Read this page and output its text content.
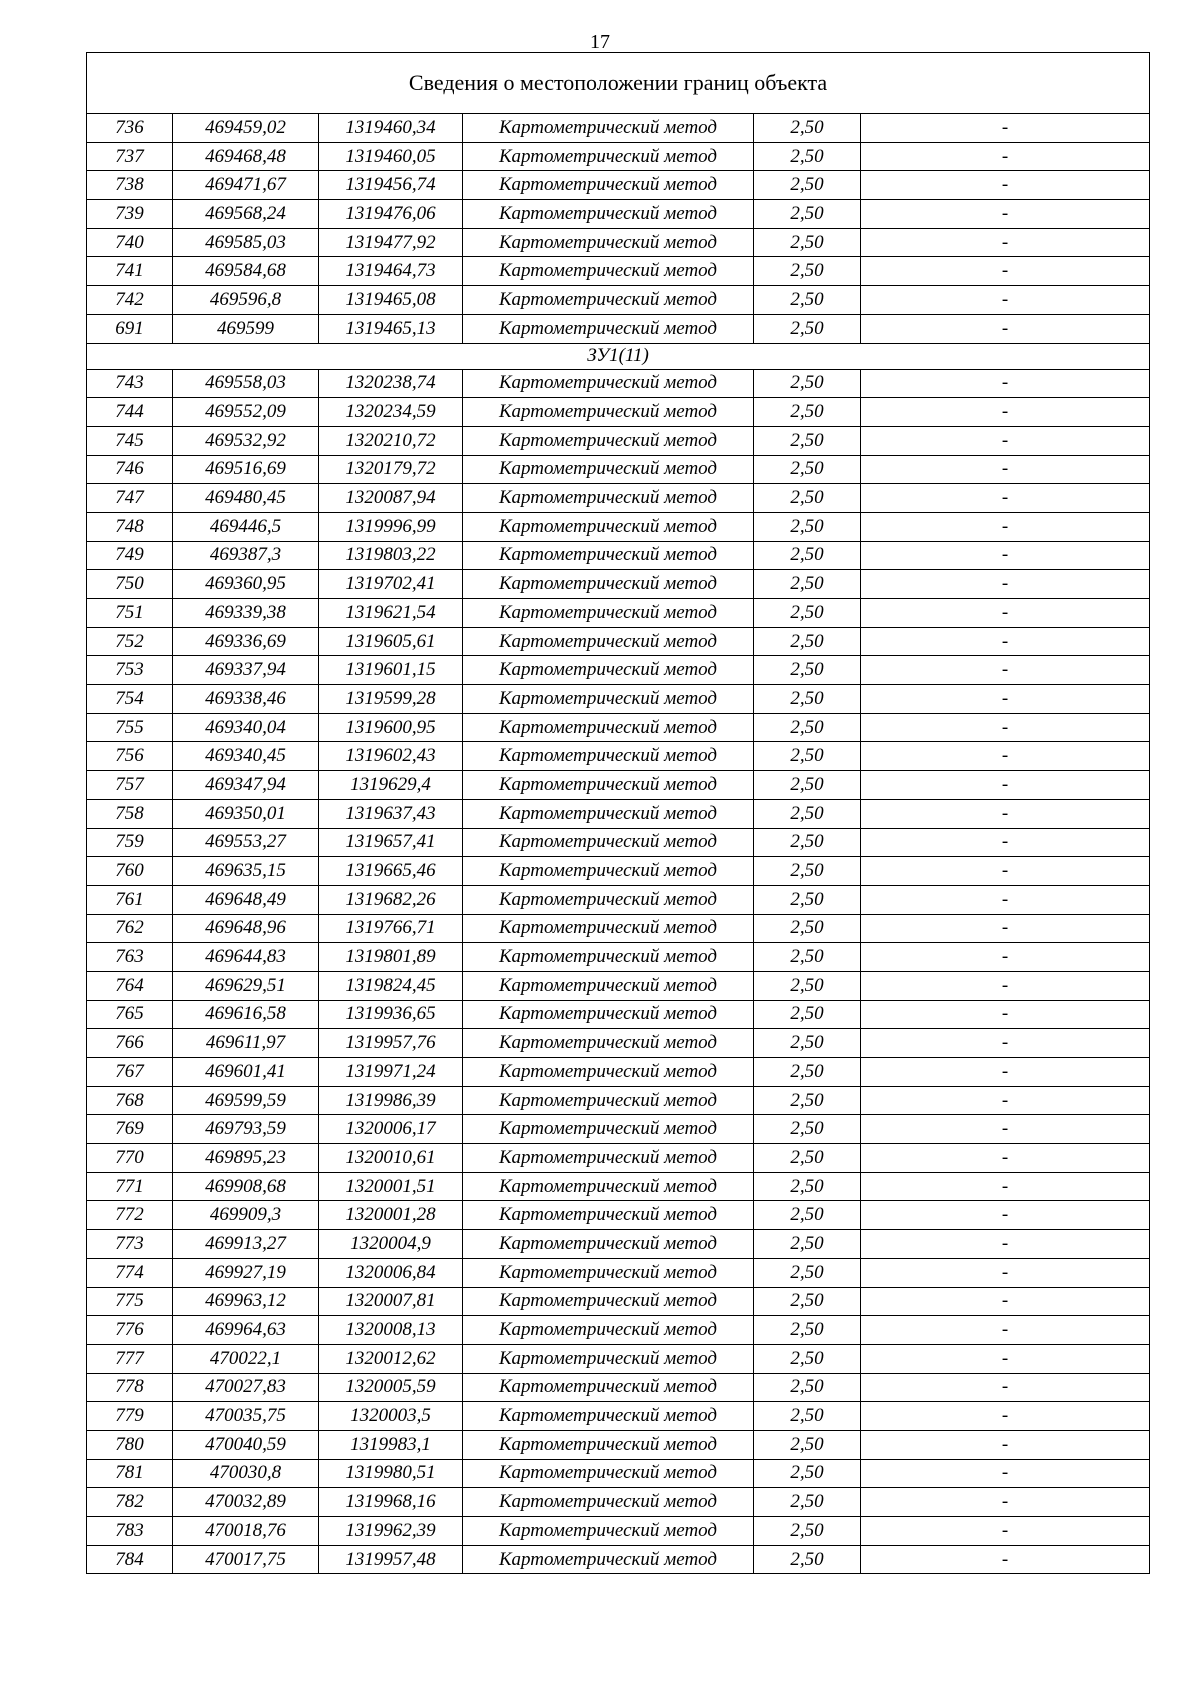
17
Сведения о местоположении границ объекта					
736	469459,02	1319460,34	Картометрический метод	2,50	-
737	469468,48	1319460,05	Картометрический метод	2,50	-
738	469471,67	1319456,74	Картометрический метод	2,50	-
739	469568,24	1319476,06	Картометрический метод	2,50	-
740	469585,03	1319477,92	Картометрический метод	2,50	-
741	469584,68	1319464,73	Картометрический метод	2,50	-
742	469596,8	1319465,08	Картометрический метод	2,50	-
691	469599	1319465,13	Картометрический метод	2,50	-
ЗУ1(11)					
743	469558,03	1320238,74	Картометрический метод	2,50	-
744	469552,09	1320234,59	Картометрический метод	2,50	-
745	469532,92	1320210,72	Картометрический метод	2,50	-
746	469516,69	1320179,72	Картометрический метод	2,50	-
747	469480,45	1320087,94	Картометрический метод	2,50	-
748	469446,5	1319996,99	Картометрический метод	2,50	-
749	469387,3	1319803,22	Картометрический метод	2,50	-
750	469360,95	1319702,41	Картометрический метод	2,50	-
751	469339,38	1319621,54	Картометрический метод	2,50	-
752	469336,69	1319605,61	Картометрический метод	2,50	-
753	469337,94	1319601,15	Картометрический метод	2,50	-
754	469338,46	1319599,28	Картометрический метод	2,50	-
755	469340,04	1319600,95	Картометрический метод	2,50	-
756	469340,45	1319602,43	Картометрический метод	2,50	-
757	469347,94	1319629,4	Картометрический метод	2,50	-
758	469350,01	1319637,43	Картометрический метод	2,50	-
759	469553,27	1319657,41	Картометрический метод	2,50	-
760	469635,15	1319665,46	Картометрический метод	2,50	-
761	469648,49	1319682,26	Картометрический метод	2,50	-
762	469648,96	1319766,71	Картометрический метод	2,50	-
763	469644,83	1319801,89	Картометрический метод	2,50	-
764	469629,51	1319824,45	Картометрический метод	2,50	-
765	469616,58	1319936,65	Картометрический метод	2,50	-
766	469611,97	1319957,76	Картометрический метод	2,50	-
767	469601,41	1319971,24	Картометрический метод	2,50	-
768	469599,59	1319986,39	Картометрический метод	2,50	-
769	469793,59	1320006,17	Картометрический метод	2,50	-
770	469895,23	1320010,61	Картометрический метод	2,50	-
771	469908,68	1320001,51	Картометрический метод	2,50	-
772	469909,3	1320001,28	Картометрический метод	2,50	-
773	469913,27	1320004,9	Картометрический метод	2,50	-
774	469927,19	1320006,84	Картометрический метод	2,50	-
775	469963,12	1320007,81	Картометрический метод	2,50	-
776	469964,63	1320008,13	Картометрический метод	2,50	-
777	470022,1	1320012,62	Картометрический метод	2,50	-
778	470027,83	1320005,59	Картометрический метод	2,50	-
779	470035,75	1320003,5	Картометрический метод	2,50	-
780	470040,59	1319983,1	Картометрический метод	2,50	-
781	470030,8	1319980,51	Картометрический метод	2,50	-
782	470032,89	1319968,16	Картометрический метод	2,50	-
783	470018,76	1319962,39	Картометрический метод	2,50	-
784	470017,75	1319957,48	Картометрический метод	2,50	-
